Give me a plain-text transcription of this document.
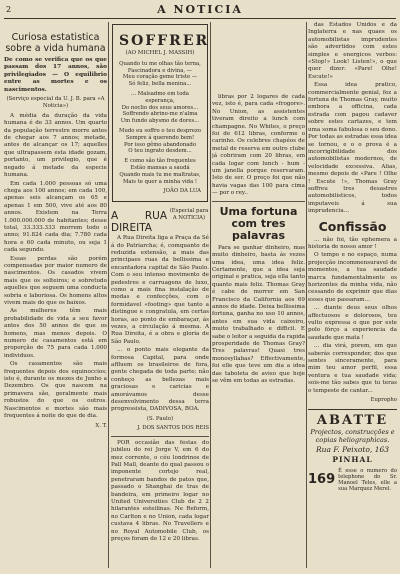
2	A NOTICIA
Curiosa estatistica sobre a vida humana
De como se verifica que os que passam dos 17 annos, são privilegiados — O equilibrio entre as mortes e os nascimentos.
(Serviço especial da U. J. B. para «A Noticia»)

A média da duração da vida humana é de 33 annos. Um quarto da população terrestre morre antes de chegar aos 7 annos; metade, antes de alcançar os 17; aquelles que ultrapassem esta idade gozam, portanto, um privilegio, que é negado á metade da especie humana.

Em cada 1.000 pessoas só uma chega aos 100 annos; em cada 100, apenas seis alcançam os 65 e apenas 1 em 500, vive até aos 80 annos. Existem na Terra 1.000.000.000 de habitantes; desse total, 33.333.333 morrem todo o anno; 91.824 cada dia; 7.780 cada hora e 60 cada minuto, ou seja 1 cada segundo.

Essas perdas são porém compensadas por maior numero de nascimentos. Os casados vivem mais que os solteiros; e sobretudo aquelles que seguem uma conducta sobria e laboriosa. Os homens altos vivem mais do que os baixos.

As mulheres têm mais probabilidade de vida a seu favor antes dos 50 annos de que os homens, mas menos depois. O numero de casamentos está em proporção de 75 para cada 1.000 individuos.

Os casamentos são mais frequentes depois dos equinoccios; isto é, durante os mezes de Junho a Dezembro. Os que nascem na primavera são, geralmente mais robustos do que os outros. Nascimentos e mortes são mais frequentes á noite do que de dia.

X. T.
SOFFRER
(AO MICHEL J. MASSIH)
Quando tu me olhas tão terna,
Fascinadora e divina, —
Meu coração geme triste —
Só feliz, bella menina...
... Malsadmo em toda esperança,
Do noclio dos seus amores...
Soffrendo abrino-me n'alma
Um fundo abysmo de dores...
Mudo eu soffro o teu desprezo
Sempre á querendo bem!
Por isso gêmo abandonado
O teu ingrato desdem...
E como são tão frequentes
Estão mansas a saudá
Quando mais tu me maltratas,
Mais te quer a minha vida !
JOÃO DA LUA
A RUA DIREITA
(Especial para A NOTICIA)

A Rua Direita liga a Praça da Sé á do Patriarcha; é, comquanto de reduzida extensão, a mais das principaes ruas da bellissima e encantadora capital de São Paulo. Com o seu intenso movimento de pedestres e carruagens de luxo, como a mais fina instalação de modas e confecções, com o formidavel «footing» que tanto a distingue e congratula, em certas horas, ao ponto de embaraçar, ás vezes, a circulação á mesma. A Rua Direita, é a obra e gloria de São Paulo.

... o ponto mais elegante da formosa Capital, para onde affluem os brasileiros de fora, gente chegada de toda parte; não conheço as bellezas mais graciosas e caricias e amorávamos desse desenvolvimento dessa terra progressista, DADIVOSA, BOA.

(S. Paulo)
J. DOS SANTOS DOS REIS

POR occasião das festas do jubileu do rei Jorge V, em 6 do mez corrente, o céu londrinos de Pall Mall, deante do qual passou o imponente cortejo real, penetraram bandos de patos que, passado o Shanghai de tras de bandeira, em primeiro logar no United Universities Club de 2 2 hilarantes esteilinas. Ne Reform, no Carlton e no Union, cada logar custava 4 libras. No Travellers e no Royal Automobile Club, os preços foram de 12 e 20 libras.

libras por 2 logares de cada vez, isto é, para cada «frogore». No Union, as assistentes tiveram direito a lunch com champagne. No Whites, o preço foi de 612 libras, conforme o carinho. Os celebres chapéos de metal de reserva em outro clube já cobriram com 20 libras, em cada logar com lunch - hum - um janella porque reservaram. Isto de ser. O preço foi que não havia vagas das 100 para cima — por o rey..

Uma fortuna com tres palavras

Para se ganhar dinheiro, mas muito dinheiro, basta ás vezes uma idea, uma idea feliz. Certamente, que a idea seja original e pratica, seja ella tanto quanto mais feliz. Thomas Gray é cabe de morrer em San Francisco da California aos 69 annos de idade. Deixa bellissima fortuna, ganha no uso 10 annos, antes em sua vida caixeiro, muito trabalhado e difficil. E sabe o leitor a seguida da rapida prosperidade de Thomas Gray? Tres palavras! Quasi tres monosyllabas? Effectivamente, foi elle que teve um dia a idea das taboleta de aviso que hoje se vêm em todas as estradas.

das Estados Unidos e da Inglaterra e nas quaes os automobilistas imprudentes são advertidos com estes simples e energicos verbos: «Stop!» Look! Listen!», o que quer dizer: «Pare! Olhe! Escute!»

Essa idea pratico, commercialmente genial, fez a fortuna de Thomas Gray, muito embora a officina, cada estrada com pagou cadaver sobre estes cartazes, e tem uma soma fabulosa o seu dono. Por todas as estradas essa idea se tornou, e o o prova é a incorrigibilidade dos automobilistas modernos, de velocidade excessiva. Alias, mesmo depois de «Pare ! Olhe ! Escute !», Thomas Gray soffreu tres desastres automobilisticos, todos imputaveis á sua imprudencia...

Confissão

... não foi, tão ephemera a historia de nosso amor !

O tempo e no espaço, numa projecção incommensuravel de momentos, a tua saudade marca fundamentalmente os horizontes da minha vida, não cessando de exprimir que dias esses que passaram...

... diante deus seus olhos affectuosos e dolorosos, teu vulto expressa o que por este polo fórço a experiencia da saudade que mata !

... dia virá, porem, em que saberás corresponder, dos que sentes sinceramente, para mim teu amor perfil, essa ventura e tua saudade vida; sois-me tão sabes que tu teras o tempeste de cantar...

Eupropho
ABATTE
Projectos, construcções e copias heliographicas.
Rua F. Peixoto, 163
PINHAL
169
É esse o numero do telephone do Sr. Manoel Teles, elle a sua Marquez Merel.
